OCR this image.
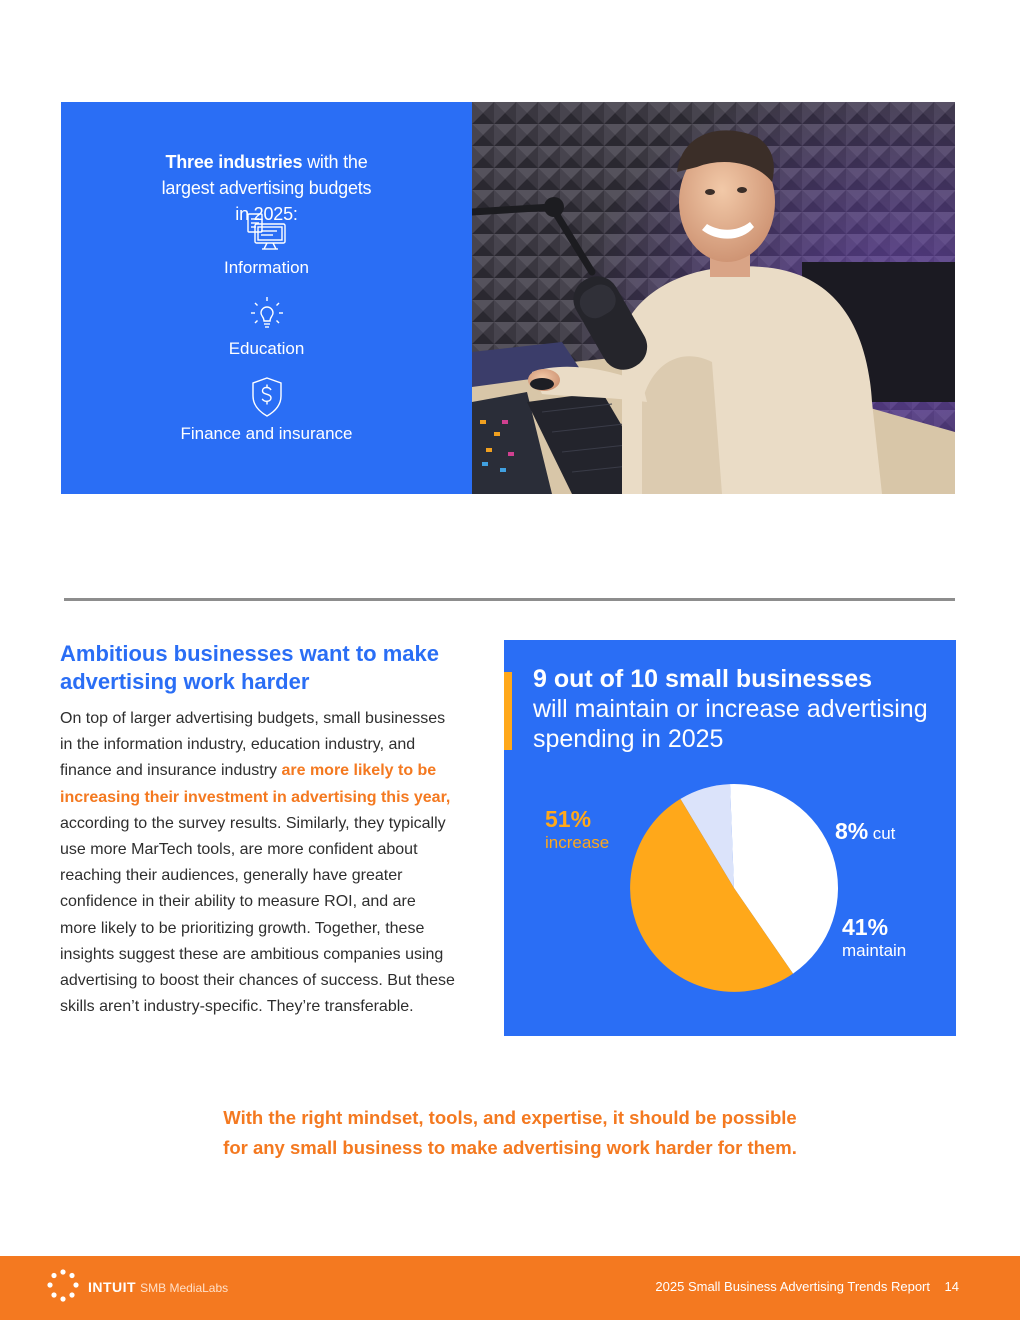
Three industries with the largest advertising budgets in 2025:
Information
Education
Finance and insurance
Ambitious businesses want to make advertising work harder
On top of larger advertising budgets, small businesses in the information industry, education industry, and finance and insurance industry are more likely to be increasing their investment in advertising this year, according to the survey results. Similarly, they typically use more MarTech tools, are more confident about reaching their audiences, generally have greater confidence in their ability to measure ROI, and are more likely to be prioritizing growth. Together, these insights suggest these are ambitious companies using advertising to boost their chances of success. But these skills aren’t industry-specific. They’re transferable.
9 out of 10 small businesses
will maintain or increase advertising spending in 2025
51%
increase	8% cut
41%
maintain
With the right mindset, tools, and expertise, it should be possible
for any small business to make advertising work harder for them.
INTUIT SMB MediaLabs	2025 Small Business Advertising Trends Report 14
